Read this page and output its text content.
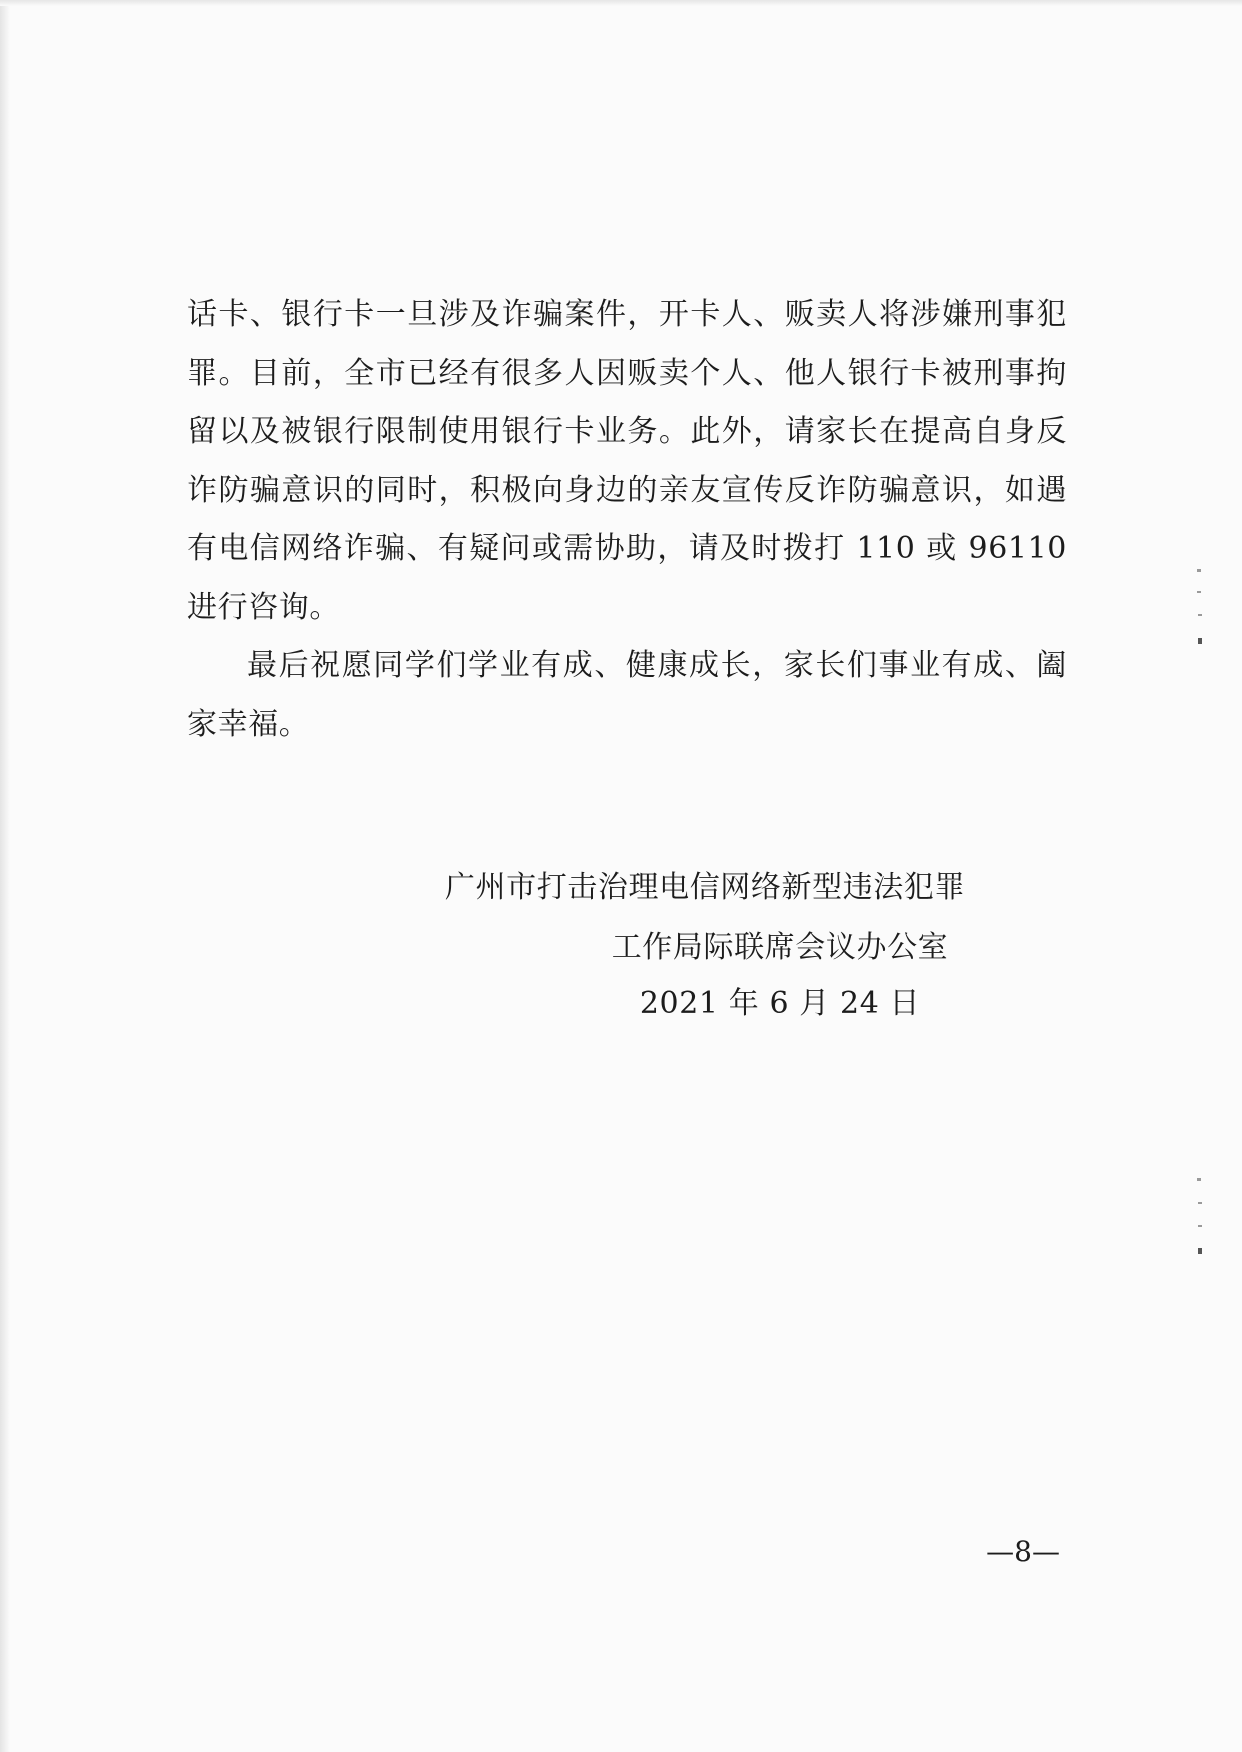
话卡、银行卡一旦涉及诈骗案件，开卡人、贩卖人将涉嫌刑事犯罪。目前，全市已经有很多人因贩卖个人、他人银行卡被刑事拘留以及被银行限制使用银行卡业务。此外，请家长在提高自身反诈防骗意识的同时，积极向身边的亲友宣传反诈防骗意识，如遇有电信网络诈骗、有疑问或需协助，请及时拨打 110 或 96110 进行咨询。

最后祝愿同学们学业有成、健康成长，家长们事业有成、阖家幸福。

广州市打击治理电信网络新型违法犯罪
工作局际联席会议办公室
2021 年 6 月 24 日
—8—
